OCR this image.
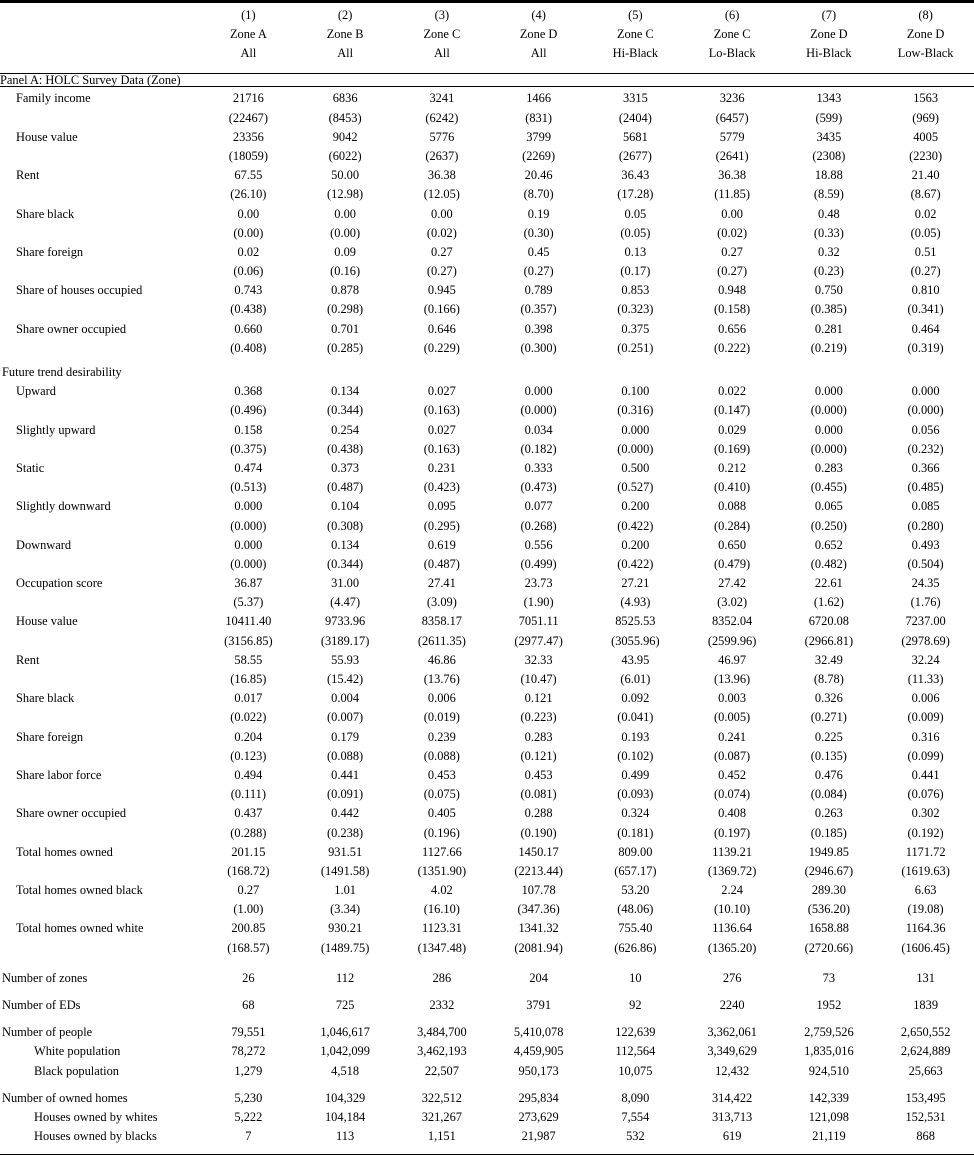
	(1)	(2)	(3)	(4)	(5)	(6)	(7)	(8)
	Zone A	Zone B	Zone C	Zone D	Zone C	Zone C	Zone D	Zone D
	All	All	All	All	Hi-Black	Lo-Black	Hi-Black	Low-Black

Panel A: HOLC Survey Data (Zone)								

Family income	21716	6836	3241	1466	3315	3236	1343	1563
	(22467)	(8453)	(6242)	(831)	(2404)	(6457)	(599)	(969)
House value	23356	9042	5776	3799	5681	5779	3435	4005
	(18059)	(6022)	(2637)	(2269)	(2677)	(2641)	(2308)	(2230)
Rent	67.55	50.00	36.38	20.46	36.43	36.38	18.88	21.40
	(26.10)	(12.98)	(12.05)	(8.70)	(17.28)	(11.85)	(8.59)	(8.67)
Share black	0.00	0.00	0.00	0.19	0.05	0.00	0.48	0.02
	(0.00)	(0.00)	(0.02)	(0.30)	(0.05)	(0.02)	(0.33)	(0.05)
Share foreign	0.02	0.09	0.27	0.45	0.13	0.27	0.32	0.51
	(0.06)	(0.16)	(0.27)	(0.27)	(0.17)	(0.27)	(0.23)	(0.27)
Share of houses occupied	0.743	0.878	0.945	0.789	0.853	0.948	0.750	0.810
	(0.438)	(0.298)	(0.166)	(0.357)	(0.323)	(0.158)	(0.385)	(0.341)
Share owner occupied	0.660	0.701	0.646	0.398	0.375	0.656	0.281	0.464
	(0.408)	(0.285)	(0.229)	(0.300)	(0.251)	(0.222)	(0.219)	(0.319)

Future trend desirability								
Upward	0.368	0.134	0.027	0.000	0.100	0.022	0.000	0.000
	(0.496)	(0.344)	(0.163)	(0.000)	(0.316)	(0.147)	(0.000)	(0.000)
Slightly upward	0.158	0.254	0.027	0.034	0.000	0.029	0.000	0.056
	(0.375)	(0.438)	(0.163)	(0.182)	(0.000)	(0.169)	(0.000)	(0.232)
Static	0.474	0.373	0.231	0.333	0.500	0.212	0.283	0.366
	(0.513)	(0.487)	(0.423)	(0.473)	(0.527)	(0.410)	(0.455)	(0.485)
Slightly downward	0.000	0.104	0.095	0.077	0.200	0.088	0.065	0.085
	(0.000)	(0.308)	(0.295)	(0.268)	(0.422)	(0.284)	(0.250)	(0.280)
Downward	0.000	0.134	0.619	0.556	0.200	0.650	0.652	0.493
	(0.000)	(0.344)	(0.487)	(0.499)	(0.422)	(0.479)	(0.482)	(0.504)
Occupation score	36.87	31.00	27.41	23.73	27.21	27.42	22.61	24.35
	(5.37)	(4.47)	(3.09)	(1.90)	(4.93)	(3.02)	(1.62)	(1.76)
House value	10411.40	9733.96	8358.17	7051.11	8525.53	8352.04	6720.08	7237.00
	(3156.85)	(3189.17)	(2611.35)	(2977.47)	(3055.96)	(2599.96)	(2966.81)	(2978.69)
Rent	58.55	55.93	46.86	32.33	43.95	46.97	32.49	32.24
	(16.85)	(15.42)	(13.76)	(10.47)	(6.01)	(13.96)	(8.78)	(11.33)
Share black	0.017	0.004	0.006	0.121	0.092	0.003	0.326	0.006
	(0.022)	(0.007)	(0.019)	(0.223)	(0.041)	(0.005)	(0.271)	(0.009)
Share foreign	0.204	0.179	0.239	0.283	0.193	0.241	0.225	0.316
	(0.123)	(0.088)	(0.088)	(0.121)	(0.102)	(0.087)	(0.135)	(0.099)
Share labor force	0.494	0.441	0.453	0.453	0.499	0.452	0.476	0.441
	(0.111)	(0.091)	(0.075)	(0.081)	(0.093)	(0.074)	(0.084)	(0.076)
Share owner occupied	0.437	0.442	0.405	0.288	0.324	0.408	0.263	0.302
	(0.288)	(0.238)	(0.196)	(0.190)	(0.181)	(0.197)	(0.185)	(0.192)
Total homes owned	201.15	931.51	1127.66	1450.17	809.00	1139.21	1949.85	1171.72
	(168.72)	(1491.58)	(1351.90)	(2213.44)	(657.17)	(1369.72)	(2946.67)	(1619.63)
Total homes owned black	0.27	1.01	4.02	107.78	53.20	2.24	289.30	6.63
	(1.00)	(3.34)	(16.10)	(347.36)	(48.06)	(10.10)	(536.20)	(19.08)
Total homes owned white	200.85	930.21	1123.31	1341.32	755.40	1136.64	1658.88	1164.36
	(168.57)	(1489.75)	(1347.48)	(2081.94)	(626.86)	(1365.20)	(2720.66)	(1606.45)

Number of zones	26	112	286	204	10	276	73	131

Number of EDs	68	725	2332	3791	92	2240	1952	1839

Number of people	79,551	1,046,617	3,484,700	5,410,078	122,639	3,362,061	2,759,526	2,650,552
White population	78,272	1,042,099	3,462,193	4,459,905	112,564	3,349,629	1,835,016	2,624,889
Black population	1,279	4,518	22,507	950,173	10,075	12,432	924,510	25,663

Number of owned homes	5,230	104,329	322,512	295,834	8,090	314,422	142,339	153,495
Houses owned by whites	5,222	104,184	321,267	273,629	7,554	313,713	121,098	152,531
Houses owned by blacks	7	113	1,151	21,987	532	619	21,119	868
